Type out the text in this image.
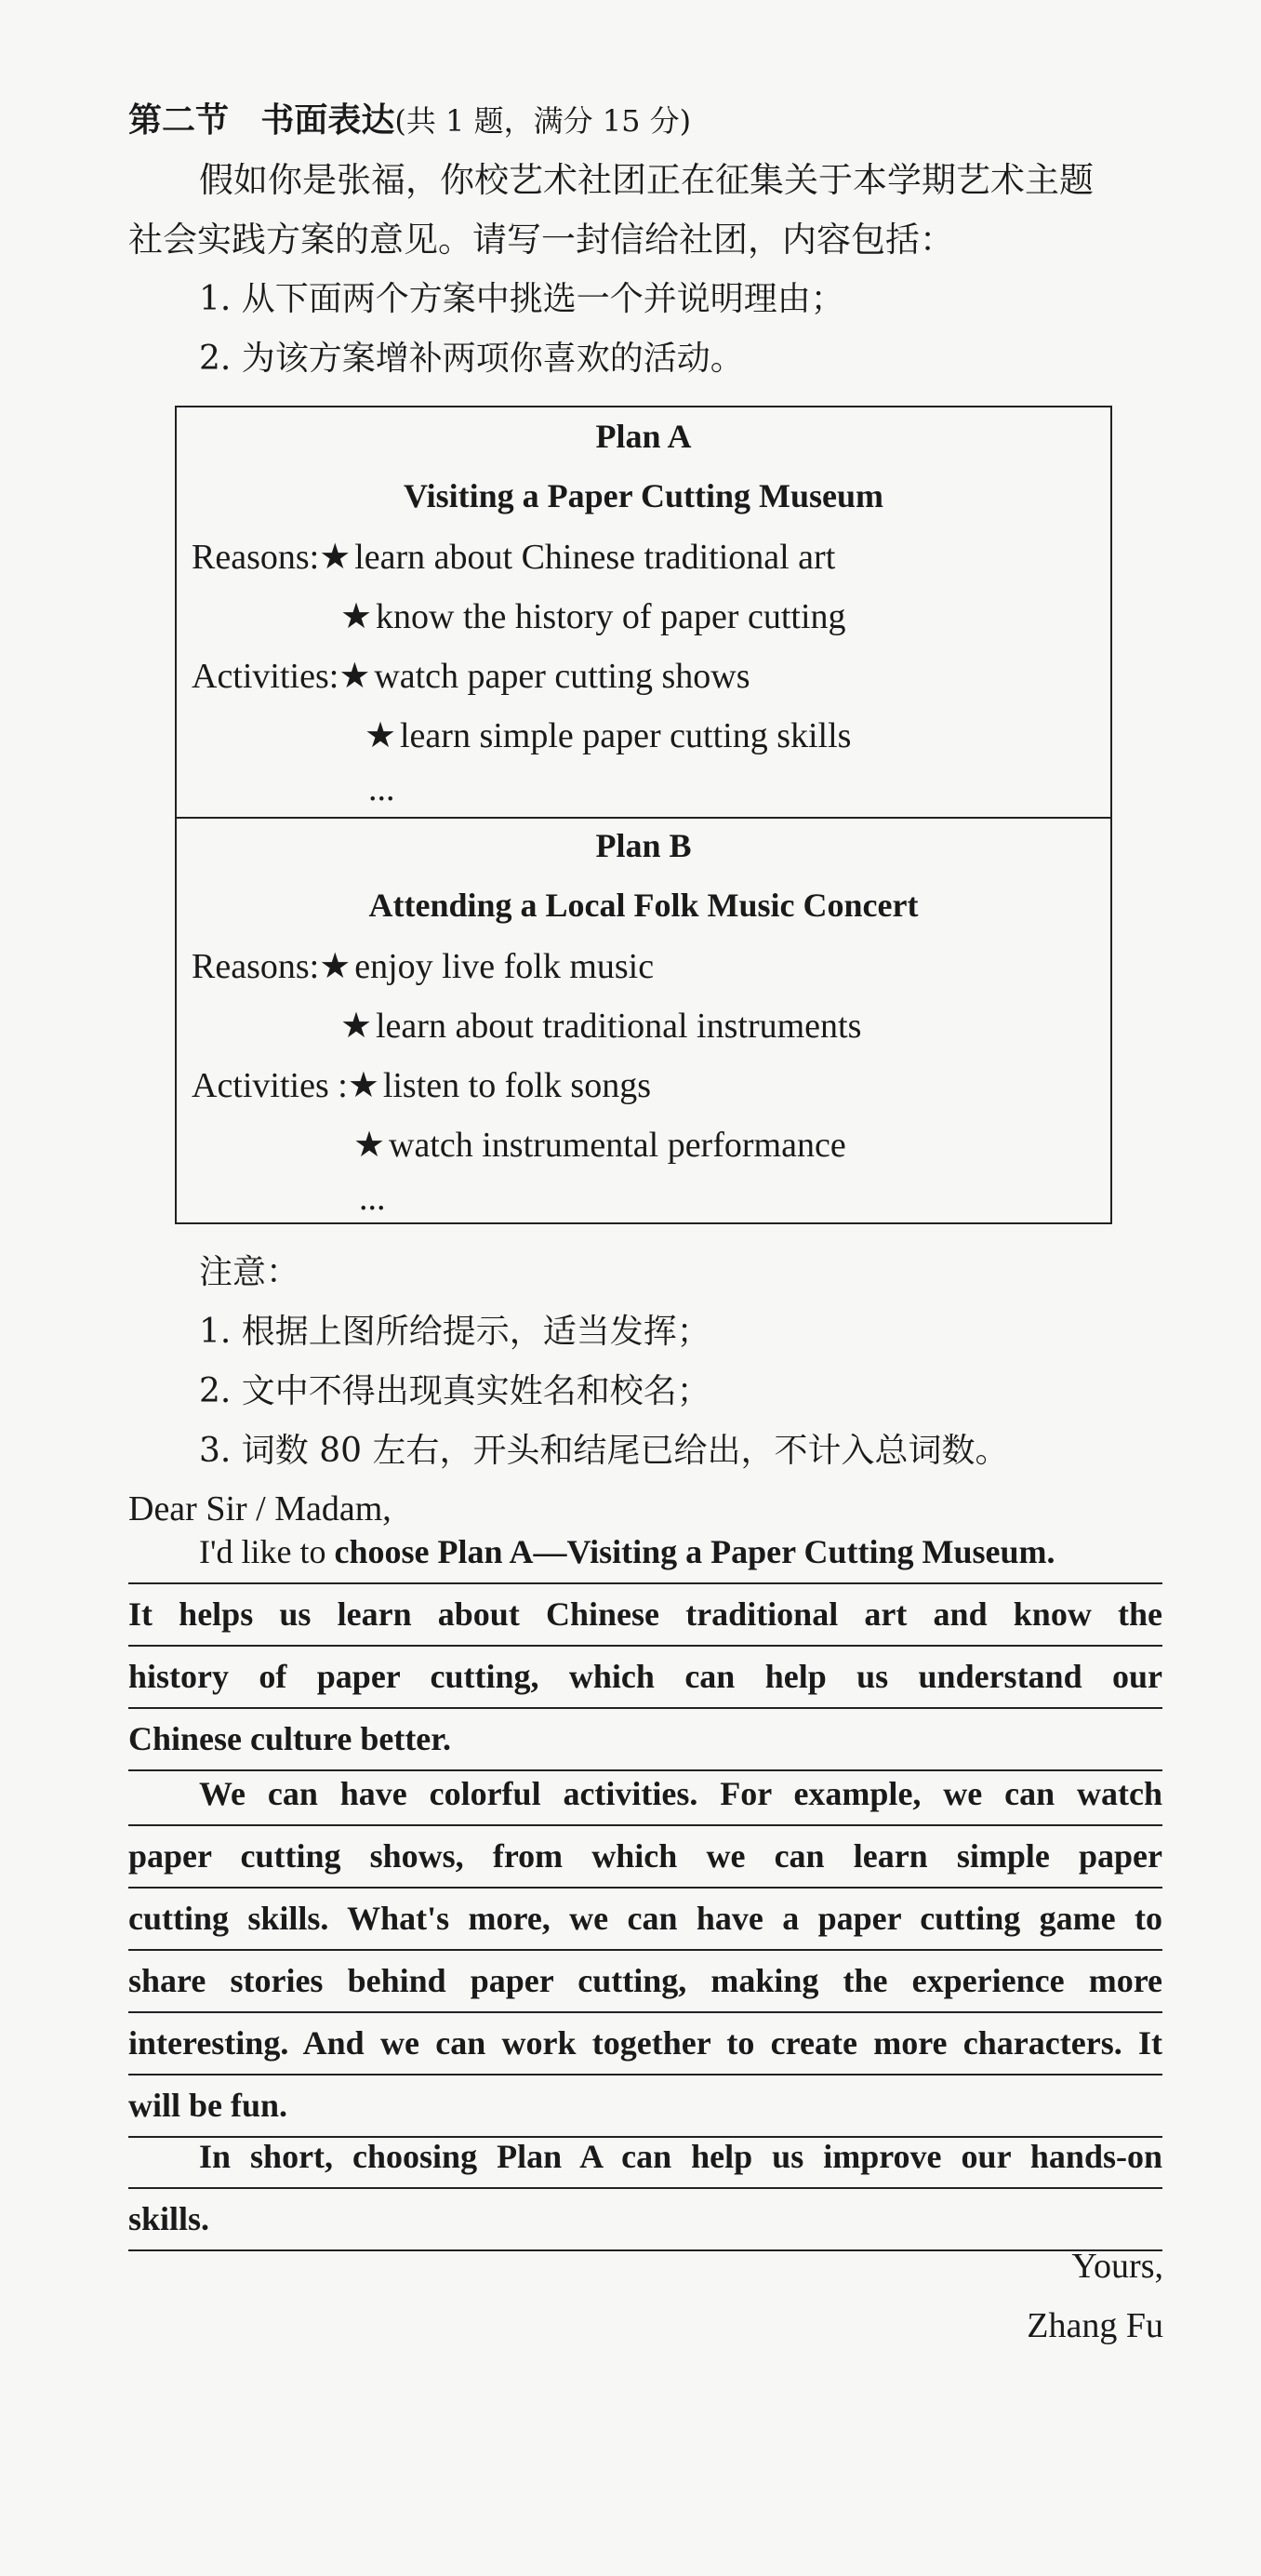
第二节 书面表达(共 1 题，满分 15 分)
假如你是张福，你校艺术社团正在征集关于本学期艺术主题
社会实践方案的意见。请写一封信给社团，内容包括：
1. 从下面两个方案中挑选一个并说明理由；
2. 为该方案增补两项你喜欢的活动。
Plan A
Visiting a Paper Cutting Museum
Reasons:★ learn about Chinese traditional art
★ know the history of paper cutting
Activities:★ watch paper cutting shows
★ learn simple paper cutting skills
...
Plan B
Attending a Local Folk Music Concert
Reasons:★ enjoy live folk music
★ learn about traditional instruments
Activities :★ listen to folk songs
★ watch instrumental performance
...
注意：
1. 根据上图所给提示，适当发挥；
2. 文中不得出现真实姓名和校名；
3. 词数 80 左右，开头和结尾已给出，不计入总词数。
Dear Sir / Madam,
I'd like to choose Plan A—Visiting a Paper Cutting Museum.
It helps us learn about Chinese traditional art and know the
history of paper cutting, which can help us understand our
Chinese culture better.
We can have colorful activities. For example, we can watch
paper cutting shows, from which we can learn simple paper
cutting skills. What's more, we can have a paper cutting game to
share stories behind paper cutting, making the experience more
interesting. And we can work together to create more characters. It
will be fun.
In short, choosing Plan A can help us improve our hands-on
skills.
Yours,
Zhang Fu
